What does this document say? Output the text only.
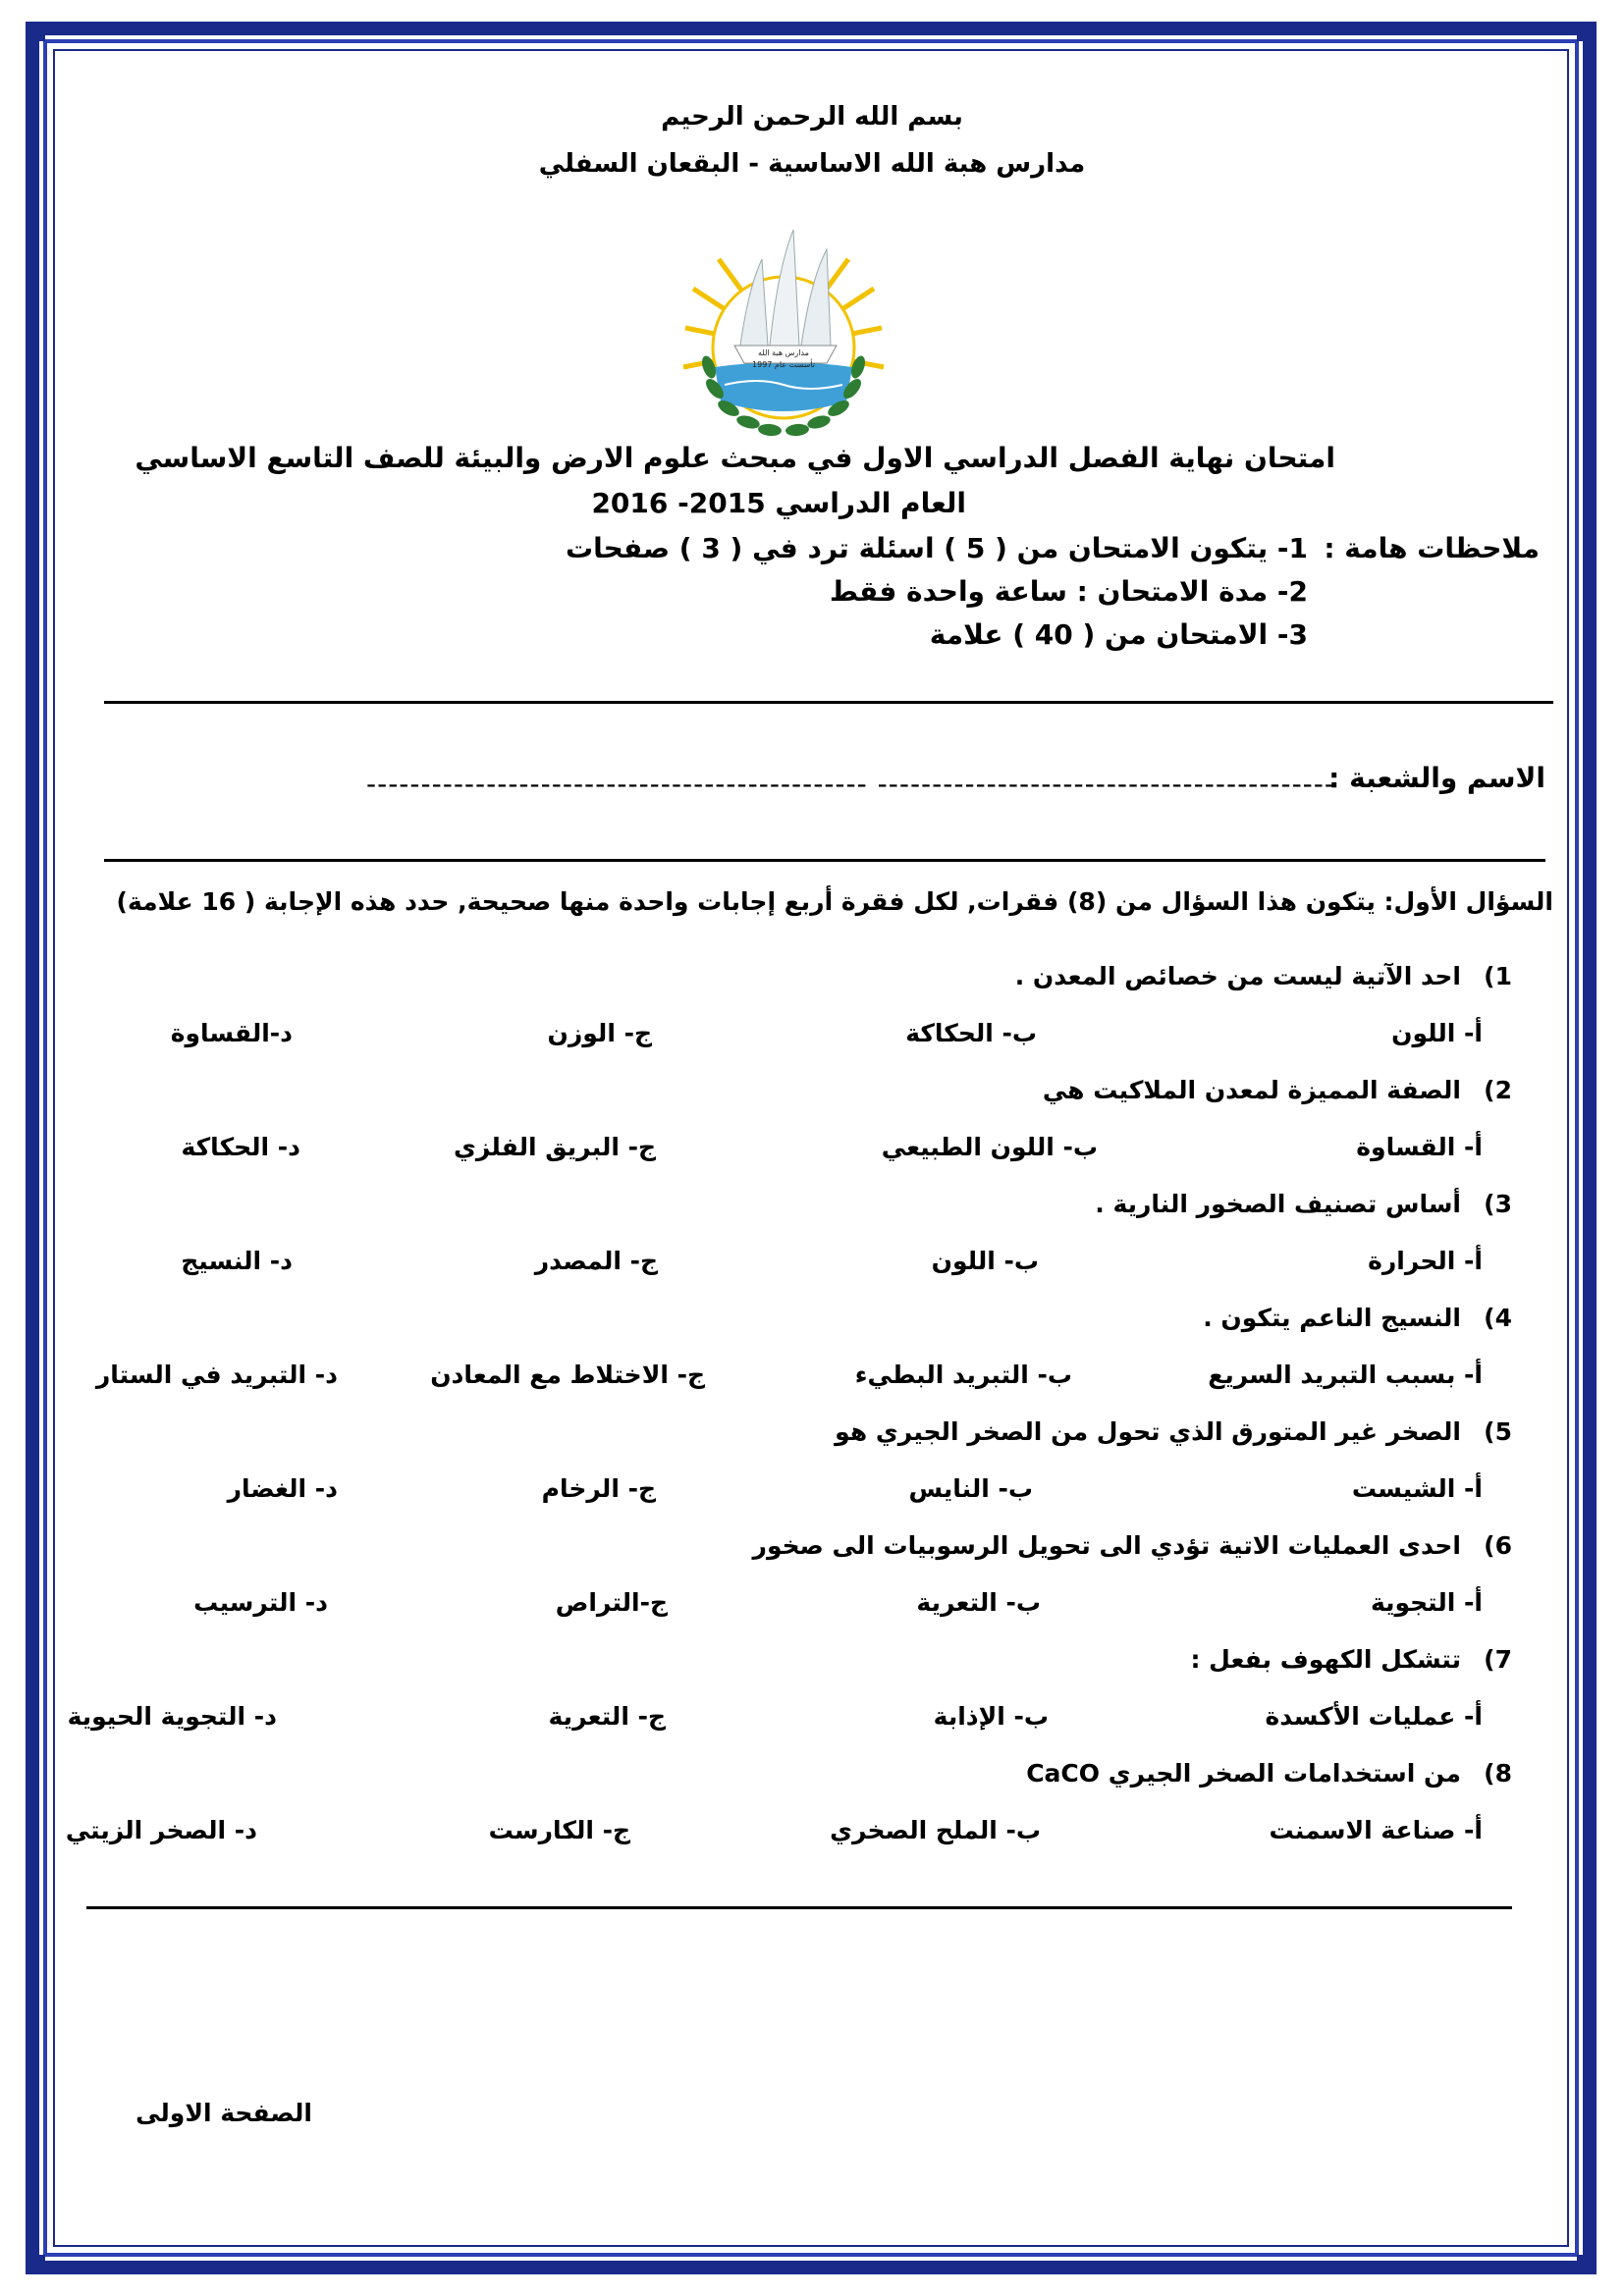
بسم الله الرحمن الرحيم
مدارس هبة الله الاساسية - البقعان السفلي
مدارس هبة الله
تأسست عام 1997
امتحان نهاية الفصل الدراسي الاول في مبحث علوم الارض والبيئة للصف التاسع الاساسي
العام الدراسي 2015- 2016
ملاحظات هامة :
1- يتكون الامتحان من ( 5 ) اسئلة ترد في ( 3 ) صفحات
2- مدة الامتحان : ساعة واحدة فقط
3- الامتحان من ( 40 ) علامة
الاسم والشعبة :
------------------------------------------ ----------------------------------------------
السؤال الأول: يتكون هذا السؤال من (8) فقرات, لكل فقرة أربع إجابات واحدة منها صحيحة, حدد هذه الإجابة ( 16 علامة)
1)
احد الآتية ليست من خصائص المعدن .
أ- اللون
ب- الحكاكة
ج- الوزن
د-القساوة
2)
الصفة المميزة لمعدن الملاكيت هي
أ- القساوة
ب- اللون الطبيعي
ج- البريق الفلزي
د- الحكاكة
3)
أساس تصنيف الصخور النارية .
أ- الحرارة
ب- اللون
ج- المصدر
د- النسيج
4)
النسيج الناعم يتكون .
أ- بسبب التبريد السريع
ب- التبريد البطيء
ج- الاختلاط مع المعادن
د- التبريد في الستار
5)
الصخر غير المتورق الذي تحول من الصخر الجيري هو
أ- الشيست
ب- النايس
ج- الرخام
د- الغضار
6)
احدى العمليات الاتية تؤدي الى تحويل الرسوبيات الى صخور
أ- التجوية
ب- التعرية
ج-التراص
د- الترسيب
7)
تتشكل الكهوف بفعل :
أ- عمليات الأكسدة
ب- الإذابة
ج- التعرية
د- التجوية الحيوية
8)
من استخدامات الصخر الجيري CaCO
أ- صناعة الاسمنت
ب- الملح الصخري
ج- الكارست
د- الصخر الزيتي
الصفحة الاولى
